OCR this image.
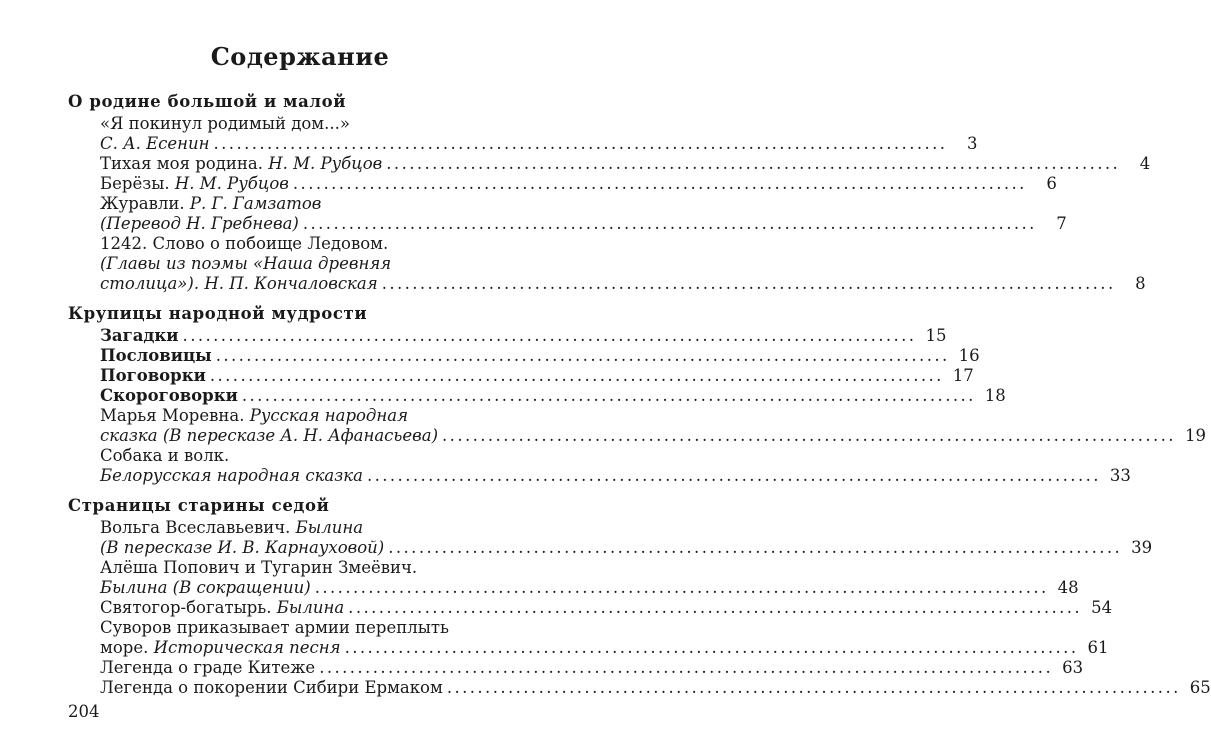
Содержание
О родине большой и малой
«Я покинул родимый дом...»
С. А. Есенин ................................................................................................	3
Тихая моя родина.
Н. М. Рубцов ................................................................................................	4
Берёзы.
Н. М. Рубцов ................................................................................................	6
Журавли.
Р. Г. Гамзатов
(Перевод Н. Гребнева) ................................................................................................	7
1242. Слово о побоище Ледовом.
(Главы из поэмы «Наша древняя
столица»).
Н. П. Кончаловская ................................................................................................	8
Крупицы народной мудрости
Загадки ................................................................................................ 15
Пословицы ................................................................................................ 16
Поговорки ................................................................................................ 17
Скороговорки ................................................................................................ 18
Марья Моревна.
Русская народная
сказка
(В пересказе А. Н. Афанасьева) ................................................................................................ 19
Собака и волк.
Белорусская народная сказка ................................................................................................ 33
Страницы старины седой
Вольга Всеславьевич.
Былина
(В пересказе И. В. Карнауховой) ................................................................................................ 39
Алёша Попович и Тугарин Змеёвич.
Былина
(В сокращении) ................................................................................................ 48
Святогор-богатырь.
Былина ................................................................................................ 54
Суворов приказывает армии переплыть
море.
Историческая песня ................................................................................................ 61
Легенда о граде Китеже ................................................................................................ 63
Легенда о покорении Сибири Ермаком ................................................................................................ 65
204
